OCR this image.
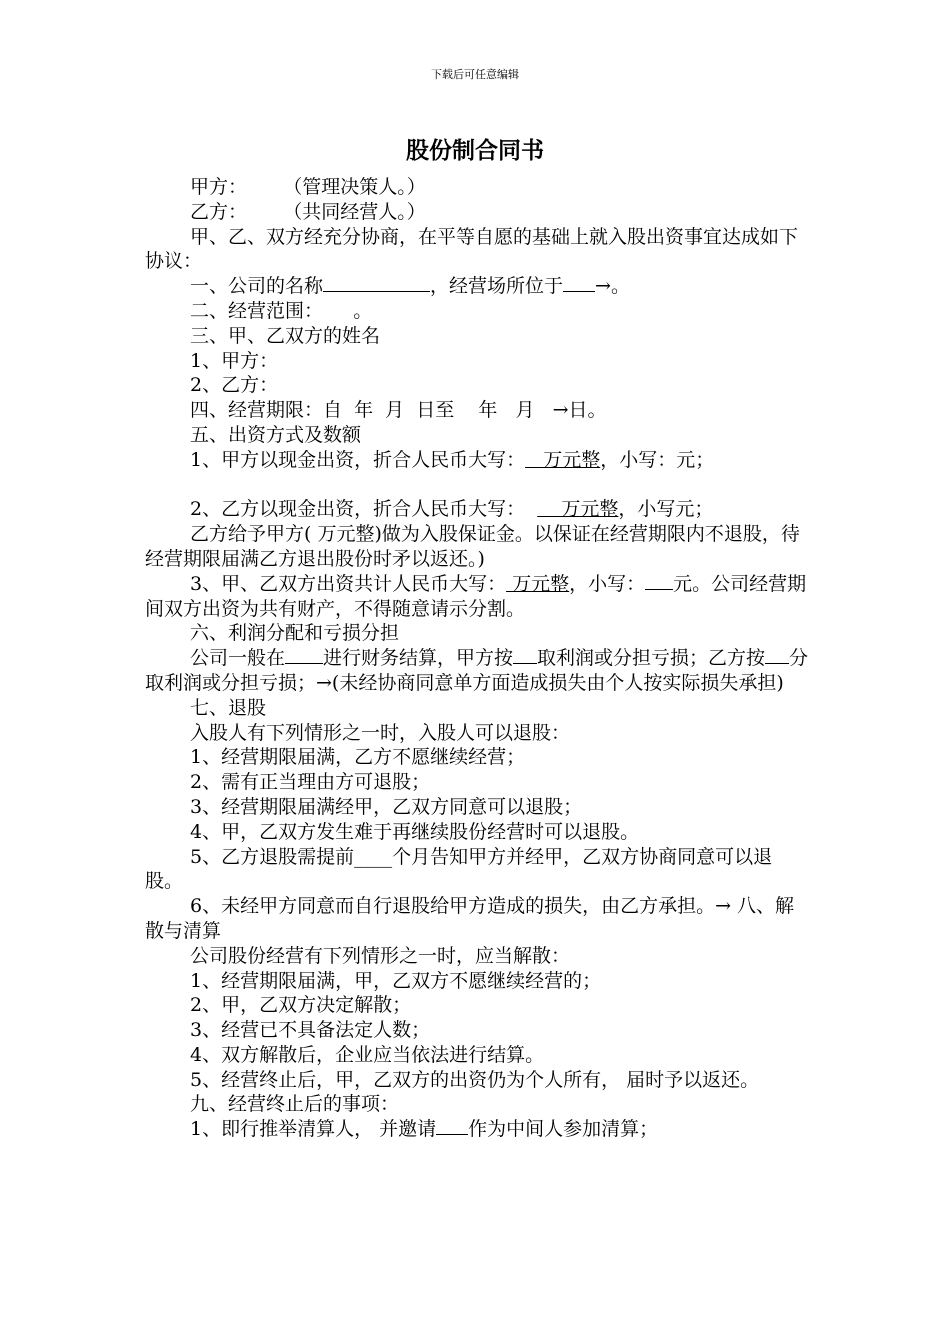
下载后可任意编辑
股份制合同书

甲方：      （管理决策人。）

乙方：      （共同经营人。）

甲、乙、双方经充分协商，在平等自愿的基础上就入股出资事宜达成如下协议：

一、公司的名称	，经营场所位于 →。

二、经营范围：     。

三、甲、乙双方的姓名

1、甲方：

2、乙方：

四、经营期限：自  年  月  日至    年   月   →日。

五、出资方式及数额

1、甲方以现金出资，折合人民币大写：   万元整，小写：元；

2、乙方以现金出资，折合人民币大写：      万元整，小写元；

乙方给予甲方( 万元整)做为入股保证金。以保证在经营期限内不退股，待经营期限届满乙方退出股份时矛以返还。)

3、甲、乙双方出资共计人民币大写： 万元整，小写： 元。公司经营期间双方出资为共有财产，不得随意请示分割。

六、利润分配和亏损分担

公司一般在 进行财务结算，甲方按 取利润或分担亏损；乙方按 分取利润或分担亏损；→(未经协商同意单方面造成损失由个人按实际损失承担)

七、退股

入股人有下列情形之一时，入股人可以退股：

1、经营期限届满，乙方不愿继续经营；

2、需有正当理由方可退股；

3、经营期限届满经甲，乙双方同意可以退股；

4、甲，乙双方发生难于再继续股份经营时可以退股。

5、乙方退股需提前____个月告知甲方并经甲，乙双方协商同意可以退股。

6、未经甲方同意而自行退股给甲方造成的损失，由乙方承担。→ 八、解散与清算

公司股份经营有下列情形之一时，应当解散：

1、经营期限届满，甲，乙双方不愿继续经营的；

2、甲，乙双方决定解散；

3、经营已不具备法定人数；

4、双方解散后，企业应当依法进行结算。

5、经营终止后，甲，乙双方的出资仍为个人所有， 届时予以返还。

九、经营终止后的事项：

1、即行推举清算人， 并邀请 作为中间人参加清算；
